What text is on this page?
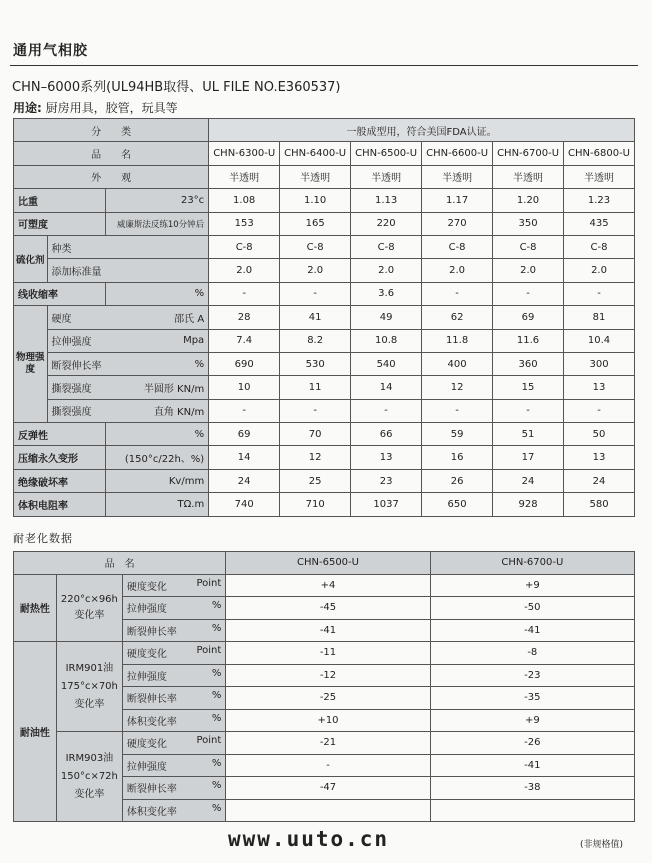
通用气相胶
CHN–6000系列(UL94HB取得、UL FILE NO.E360537)
用途: 厨房用具，胶管，玩具等
分　　类			一般成型用，符合美国FDA认证。					
品　　名			CHN-6300-U	CHN-6400-U	CHN-6500-U	CHN-6600-U	CHN-6700-U	CHN-6800-U
外　　观			半透明	半透明	半透明	半透明	半透明	半透明
比重		23°c	1.08	1.10	1.13	1.17	1.20	1.23
可塑度		威廉斯法反练10分钟后	153	165	220	270	350	435
硫化剂	种类		C-8	C-8	C-8	C-8	C-8	C-8
	添加标准量		2.0	2.0	2.0	2.0	2.0	2.0
线收缩率		%	-	-	3.6	-	-	-
物理强度	硬度	邵氏 A	28	41	49	62	69	81
	拉伸强度	Mpa	7.4	8.2	10.8	11.8	11.6	10.4
	断裂伸长率	%	690	530	540	400	360	300
	撕裂强度	半圆形 KN/m	10	11	14	12	15	13
	撕裂强度	直角 KN/m	-	-	-	-	-	-
反弹性		%	69	70	66	59	51	50
压缩永久变形		(150°c/22h、%)	14	12	13	16	17	13
绝缘破坏率		Kv/mm	24	25	23	26	24	24
体积电阻率		TΩ.m	740	710	1037	650	928	580
耐老化数据
品　名			CHN-6500-U	CHN-6700-U
耐热性	220°c×96h 变化率	硬度变化 Point	+4	+9
		拉伸强度 %	-45	-50
		断裂伸长率 %	-41	-41
耐油性	IRM901油 175°c×70h 变化率	硬度变化 Point	-11	-8
		拉伸强度 %	-12	-23
		断裂伸长率 %	-25	-35
		体积变化率 %	+10	+9
	IRM903油 150°c×72h 变化率	硬度变化 Point	-21	-26
		拉伸强度 %	-	-41
		断裂伸长率 %	-47	-38
		体积变化率 %		

www.uuto.cn	(非规格值)
